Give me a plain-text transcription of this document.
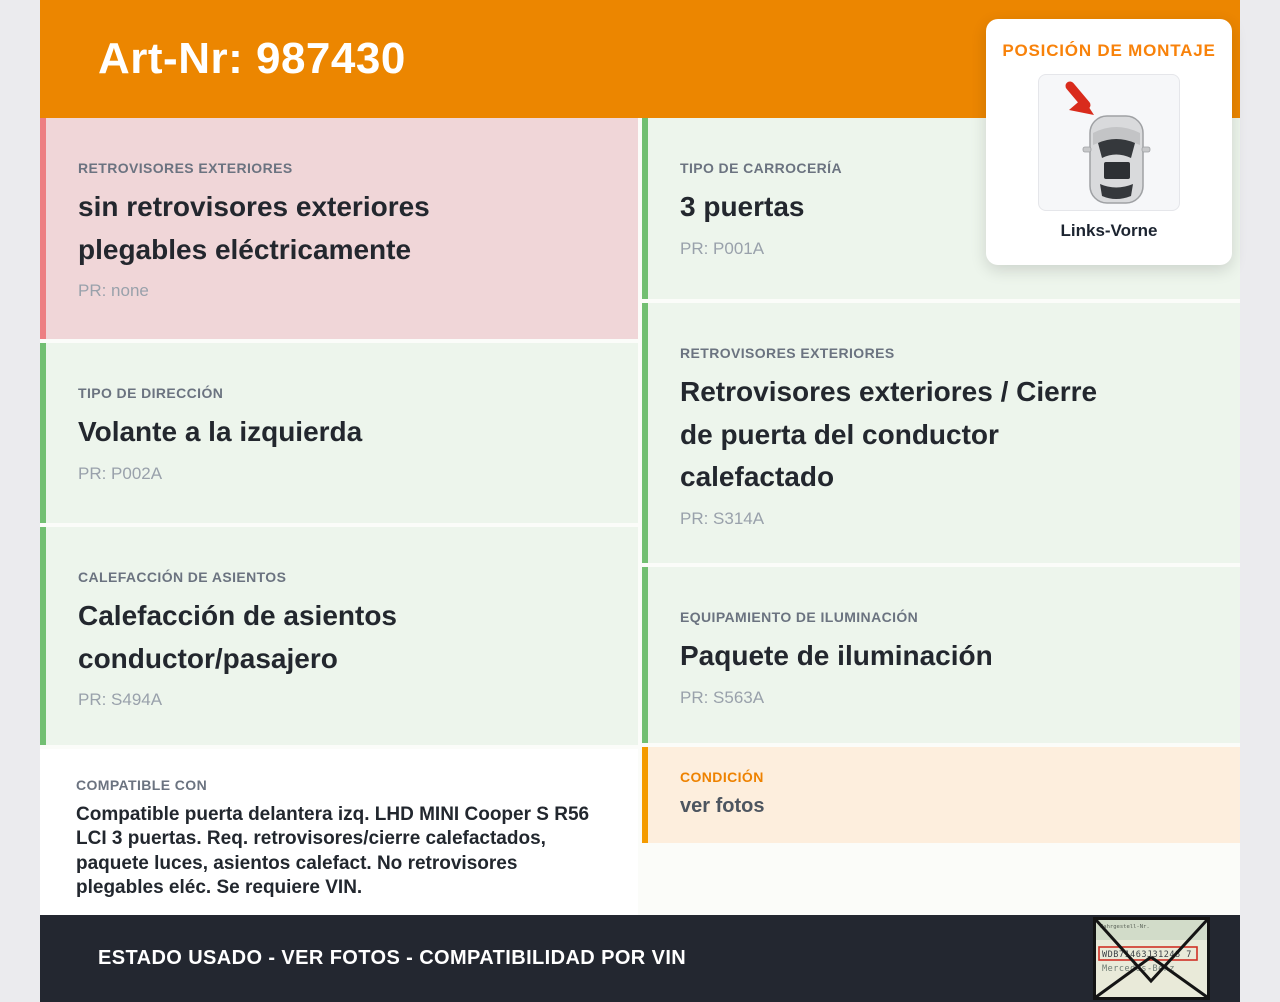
Art-Nr: 987430

RETROVISORES EXTERIORES

sin retrovisores exteriores plegables eléctricamente

PR: none

TIPO DE DIRECCIÓN

Volante a la izquierda

PR: P002A

CALEFACCIÓN DE ASIENTOS

Calefacción de asientos conductor/pasajero

PR: S494A

COMPATIBLE CON

Compatible puerta delantera izq. LHD MINI Cooper S R56 LCI 3 puertas. Req. retrovisores/cierre calefactados, paquete luces, asientos calefact. No retrovisores plegables eléc. Se requiere VIN.

TIPO DE CARROCERÍA

3 puertas

PR: P001A

RETROVISORES EXTERIORES

Retrovisores exteriores / Cierre de puerta del conductor calefactado

PR: S314A

EQUIPAMIENTO DE ILUMINACIÓN

Paquete de iluminación

PR: S563A

CONDICIÓN

ver fotos

ESTADO USADO - VER FOTOS - COMPATIBILIDAD POR VIN
Fahrgestell-Nr.
WDB71463J31248 7
Mercedes-Benz

POSICIÓN DE MONTAJE

Links-Vorne
